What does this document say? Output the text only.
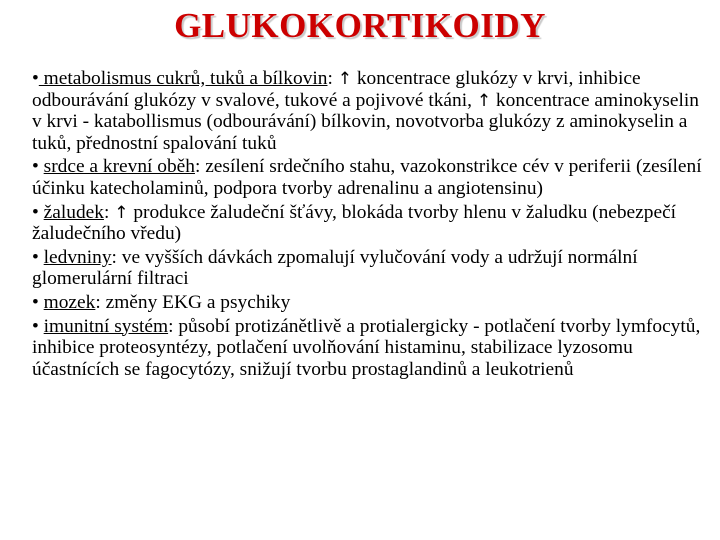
GLUKOKORTIKOIDY

• metabolismus cukrů, tuků a bílkovin: ↑ koncentrace glukózy v krvi, inhibice odbourávání glukózy v svalové, tukové a pojivové tkáni, ↑ koncentrace aminokyselin v krvi - katabollismus (odbourávání) bílkovin, novotvorba glukózy z aminokyselin a tuků, přednostní spalování tuků

• srdce a krevní oběh: zesílení srdečního stahu, vazokonstrikce cév v periferii (zesílení účinku katecholaminů, podpora tvorby adrenalinu a angiotensinu)

• žaludek: ↑ produkce žaludeční šťávy, blokáda tvorby hlenu v žaludku (nebezpečí žaludečního vředu)

• ledvniny: ve vyšších dávkách zpomalují vylučování vody a udržují normální glomerulární filtraci

• mozek: změny EKG a psychiky

• imunitní systém: působí protizánětlivě a protialergicky - potlačení tvorby lymfocytů, inhibice proteosyntézy, potlačení uvolňování histaminu, stabilizace lyzosomu účastnících se fagocytózy, snižují tvorbu prostaglandinů a leukotrienů
